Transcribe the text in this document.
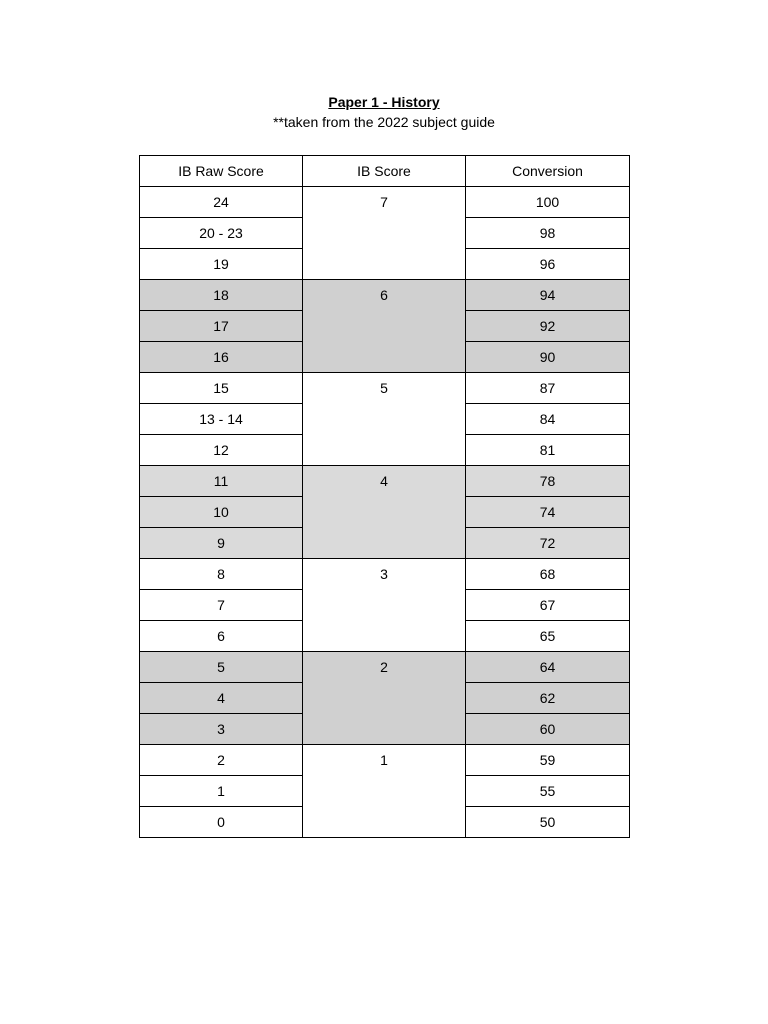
Paper 1 - History
**taken from the 2022 subject guide
IB Raw Score	IB Score	Conversion
24	7	100
20 - 23		98
19		96
18	6	94
17		92
16		90
15	5	87
13 - 14		84
12		81
11	4	78
10		74
9		72
8	3	68
7		67
6		65
5	2	64
4		62
3		60
2	1	59
1		55
0		50
